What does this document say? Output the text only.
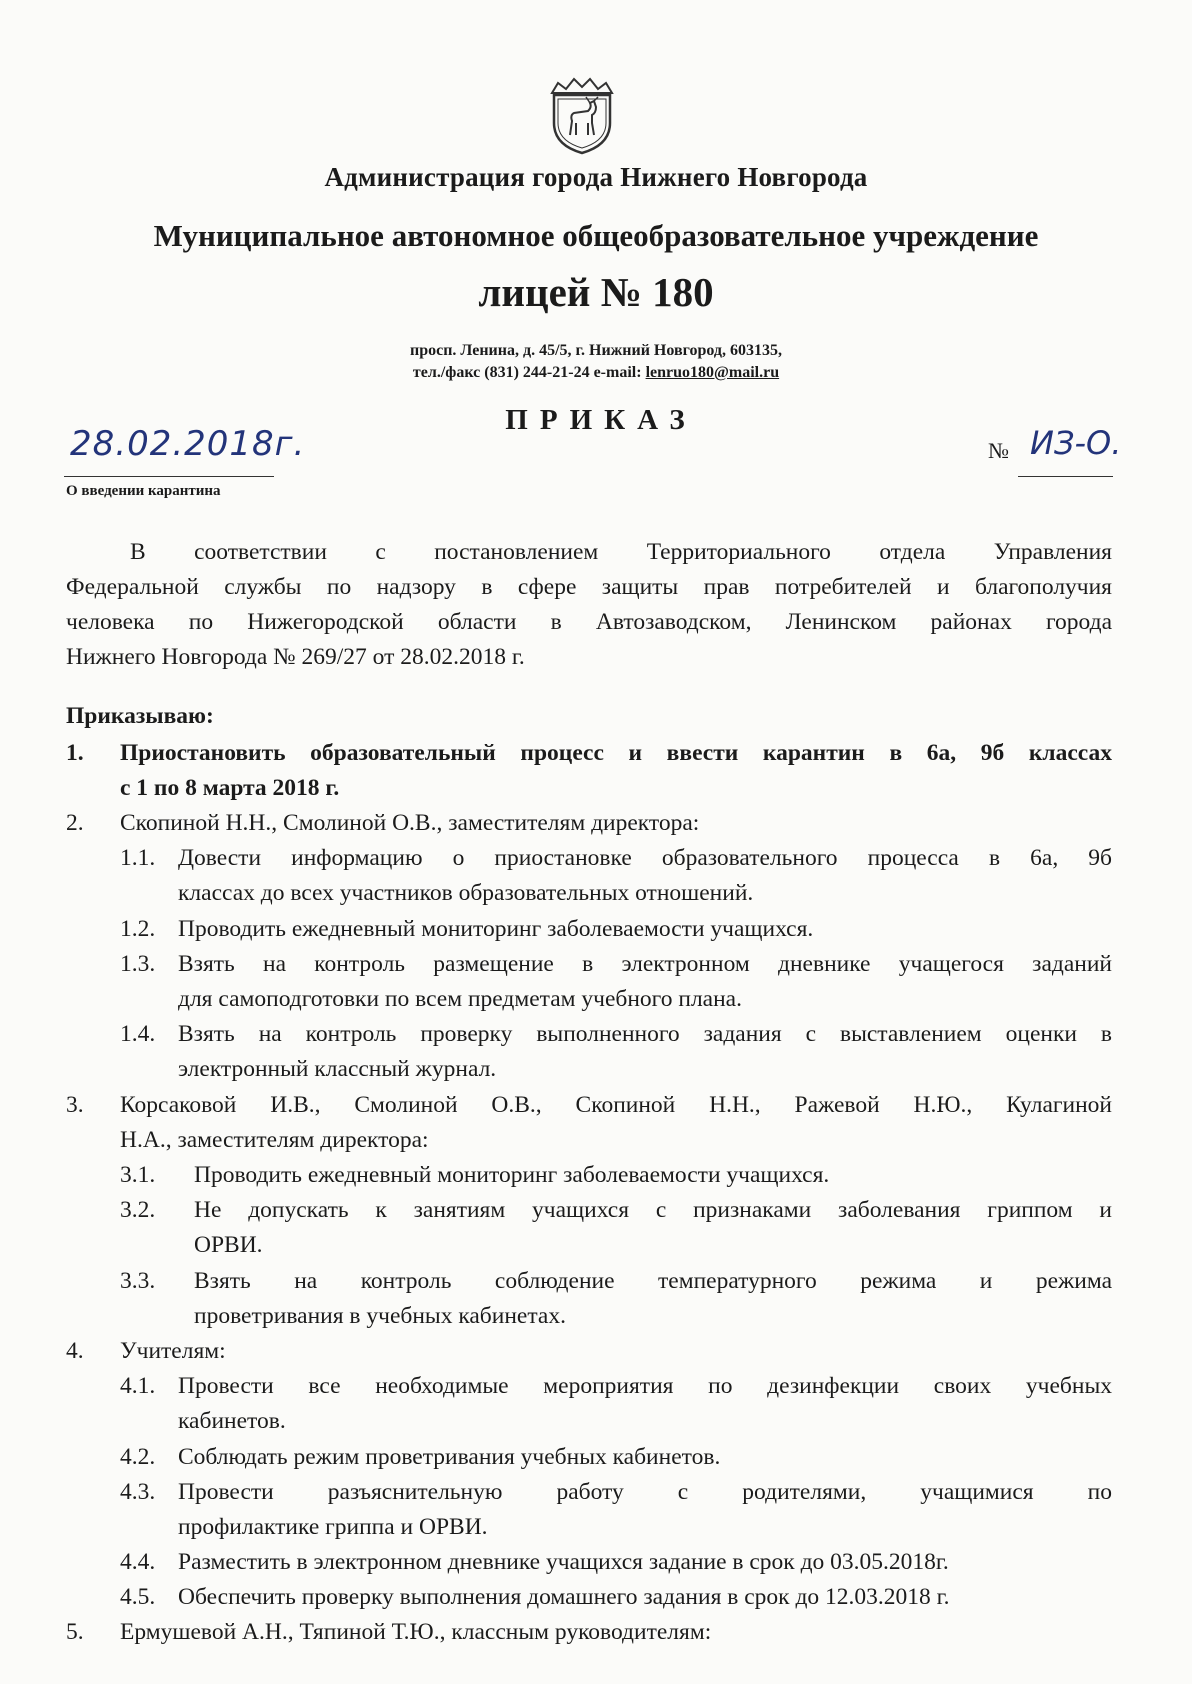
Администрация города Нижнего Новгорода
Муниципальное автономное общеобразовательное учреждение
лицей № 180
просп. Ленина, д. 45/5, г. Нижний Новгород, 603135,
тел./факс (831) 244-21-24 e-mail: lenruo180@mail.ru
ПРИКАЗ
28.02.2018г.
О введении карантина
№ ИЗ-О.
В соответствии с постановлением Территориального отдела Управления
Федеральной службы по надзору в сфере защиты прав потребителей и благополучия
человека по Нижегородской области в Автозаводском, Ленинском районах города
Нижнего Новгорода № 269/27 от 28.02.2018 г.
Приказываю:
1.	Приостановить образовательный процесс и ввести карантин в 6а, 9б классах
с 1 по 8 марта 2018 г.
2.	Скопиной Н.Н., Смолиной О.В., заместителям директора:
1.1. Довести информацию о приостановке образовательного процесса в 6а, 9б
классах до всех участников образовательных отношений.
1.2. Проводить ежедневный мониторинг заболеваемости учащихся.
1.3. Взять на контроль размещение в электронном дневнике учащегося заданий
для самоподготовки по всем предметам учебного плана.
1.4. Взять на контроль проверку выполненного задания с выставлением оценки в
электронный классный журнал.
3.	Корсаковой И.В., Смолиной О.В., Скопиной Н.Н., Ражевой Н.Ю., Кулагиной
Н.А., заместителям директора:
3.1.	Проводить ежедневный мониторинг заболеваемости учащихся.
3.2.	Не допускать к занятиям учащихся с признаками заболевания гриппом и
ОРВИ.
3.3.	Взять на контроль соблюдение температурного режима и режима
проветривания в учебных кабинетах.
4.	Учителям:
4.1. Провести все необходимые мероприятия по дезинфекции своих учебных
кабинетов.
4.2. Соблюдать режим проветривания учебных кабинетов.
4.3. Провести разъяснительную работу с родителями, учащимися по
профилактике гриппа и ОРВИ.
4.4. Разместить в электронном дневнике учащихся задание в срок до 03.05.2018г.
4.5. Обеспечить проверку выполнения домашнего задания в срок до 12.03.2018 г.
5.	Ермушевой А.Н., Тяпиной Т.Ю., классным руководителям:
